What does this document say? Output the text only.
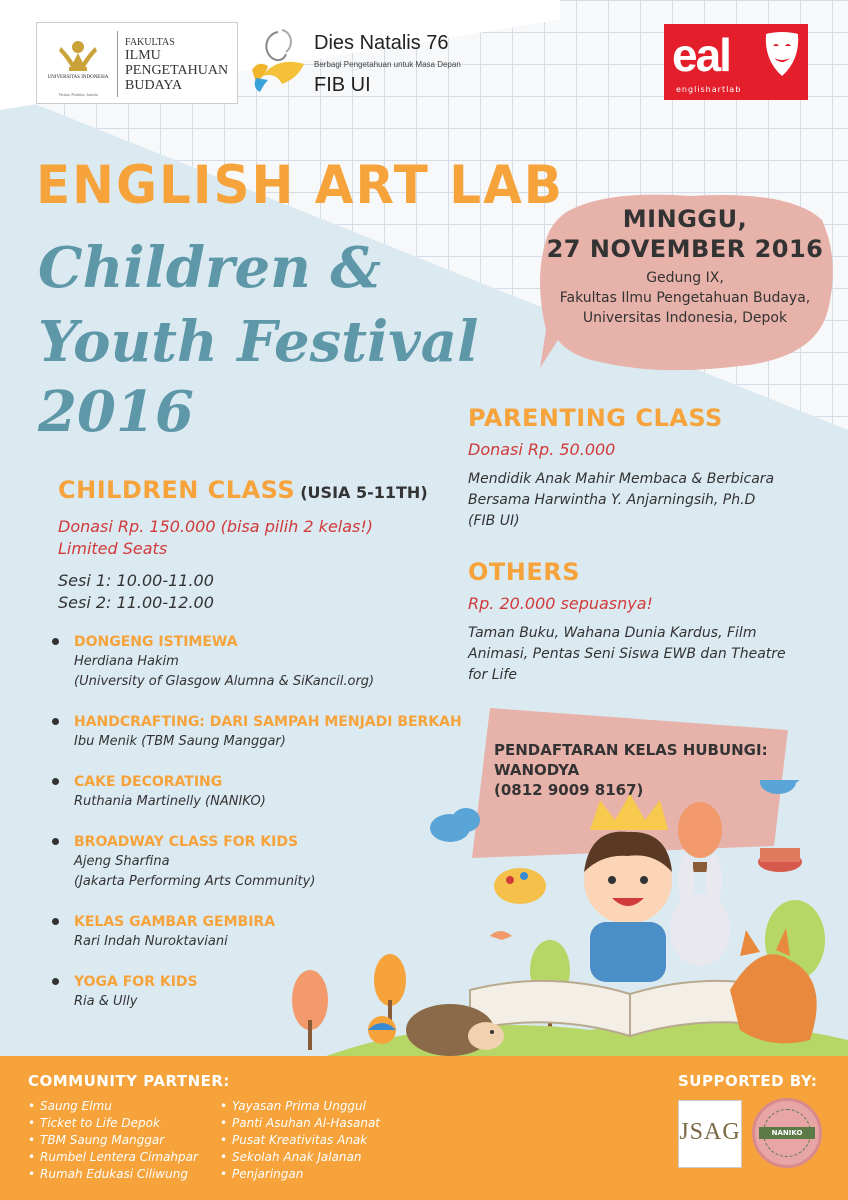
UNIVERSITAS INDONESIA
Veritas, Probitas, Iustitia
FAKULTAS
ILMU
PENGETAHUAN
BUDAYA
Dies Natalis 76
Berbagi Pengetahuan untuk Masa Depan
FIB UI
eal
englishartlab
ENGLISH ART LAB
Children &
Youth Festival
2016
MINGGU,
27 NOVEMBER 2016
Gedung IX,
Fakultas Ilmu Pengetahuan Budaya,
Universitas Indonesia, Depok
CHILDREN CLASS (USIA 5-11TH)
Donasi Rp. 150.000 (bisa pilih 2 kelas!)
Limited Seats
Sesi 1: 10.00-11.00
Sesi 2: 11.00-12.00
DONGENG ISTIMEWA
Herdiana Hakim
(University of Glasgow Alumna & SiKancil.org)
HANDCRAFTING: DARI SAMPAH MENJADI BERKAH
Ibu Menik (TBM Saung Manggar)
CAKE DECORATING
Ruthania Martinelly (NANIKO)
BROADWAY CLASS FOR KIDS
Ajeng Sharfina
(Jakarta Performing Arts Community)
KELAS GAMBAR GEMBIRA
Rari Indah Nuroktaviani
YOGA FOR KIDS
Ria & Ully
PARENTING CLASS
Donasi Rp. 50.000
Mendidik Anak Mahir Membaca & Berbicara
Bersama Harwintha Y. Anjarningsih, Ph.D
(FIB UI)
OTHERS
Rp. 20.000 sepuasnya!
Taman Buku, Wahana Dunia Kardus, Film
Animasi, Pentas Seni Siswa EWB dan Theatre
for Life
PENDAFTARAN KELAS HUBUNGI:
WANODYA
(0812 9009 8167)
COMMUNITY PARTNER:
• Saung Elmu
• Ticket to Life Depok
• TBM Saung Manggar
• Rumbel Lentera Cimahpar
• Rumah Edukasi Ciliwung
• Yayasan Prima Unggul
• Panti Asuhan Al-Hasanat
• Pusat Kreativitas Anak
• Sekolah Anak Jalanan
• Penjaringan
SUPPORTED BY:
JSAG	NANIKO
